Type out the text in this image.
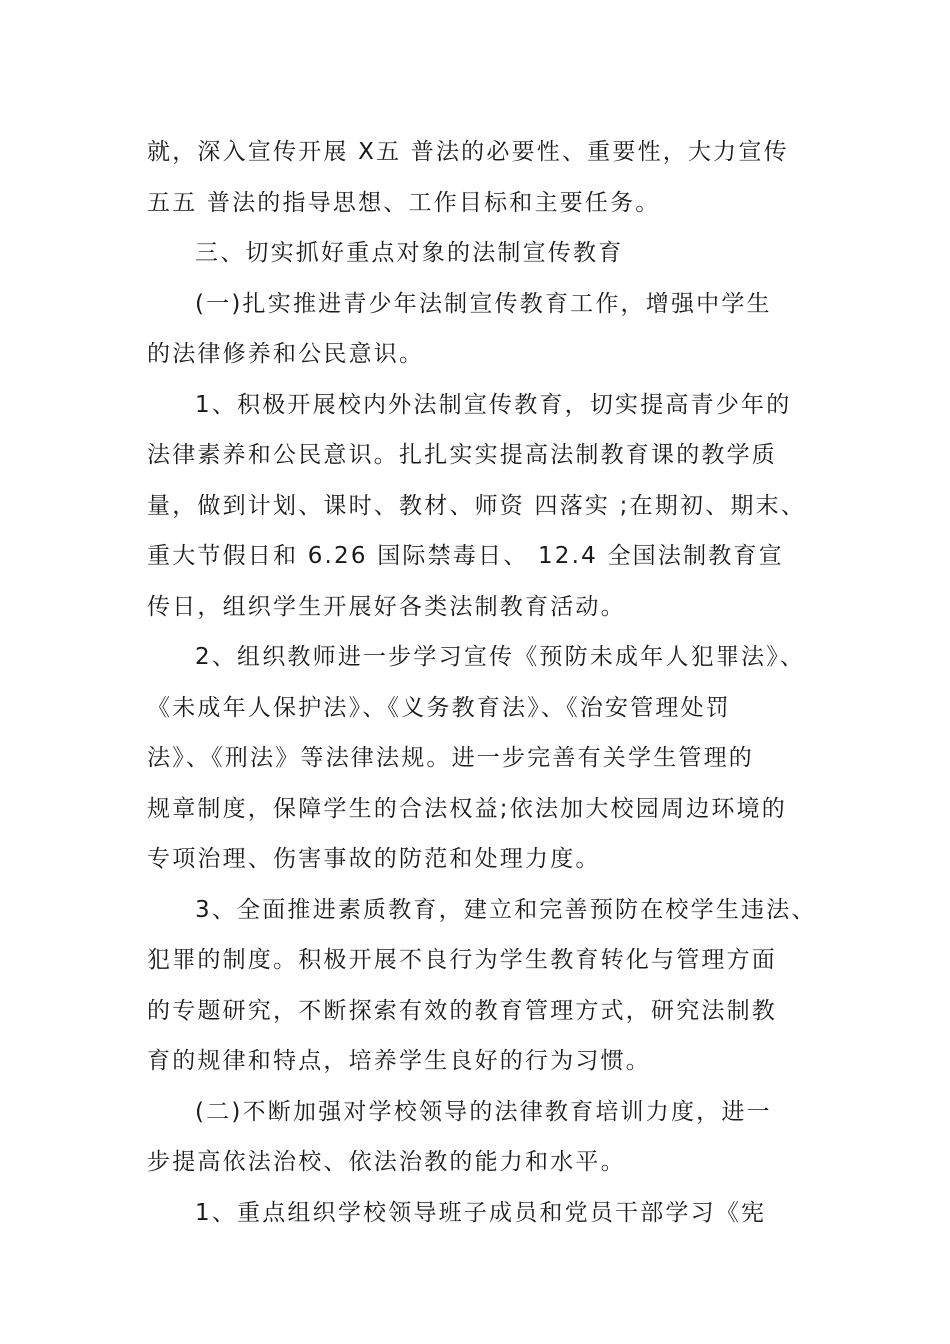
就，深入宣传开展 X五 普法的必要性、重要性，大力宣传
五五 普法的指导思想、工作目标和主要任务。
三、切实抓好重点对象的法制宣传教育
(一)扎实推进青少年法制宣传教育工作，增强中学生
的法律修养和公民意识。
1、积极开展校内外法制宣传教育，切实提高青少年的
法律素养和公民意识。扎扎实实提高法制教育课的教学质
量，做到计划、课时、教材、师资 四落实 ;在期初、期末、
重大节假日和 6.26 国际禁毒日、 12.4 全国法制教育宣
传日，组织学生开展好各类法制教育活动。
2、组织教师进一步学习宣传《预防未成年人犯罪法》、
《未成年人保护法》、《义务教育法》、《治安管理处罚
法》、《刑法》等法律法规。进一步完善有关学生管理的
规章制度，保障学生的合法权益;依法加大校园周边环境的
专项治理、伤害事故的防范和处理力度。
3、全面推进素质教育，建立和完善预防在校学生违法、
犯罪的制度。积极开展不良行为学生教育转化与管理方面
的专题研究，不断探索有效的教育管理方式，研究法制教
育的规律和特点，培养学生良好的行为习惯。
(二)不断加强对学校领导的法律教育培训力度，进一
步提高依法治校、依法治教的能力和水平。
1、重点组织学校领导班子成员和党员干部学习《宪
